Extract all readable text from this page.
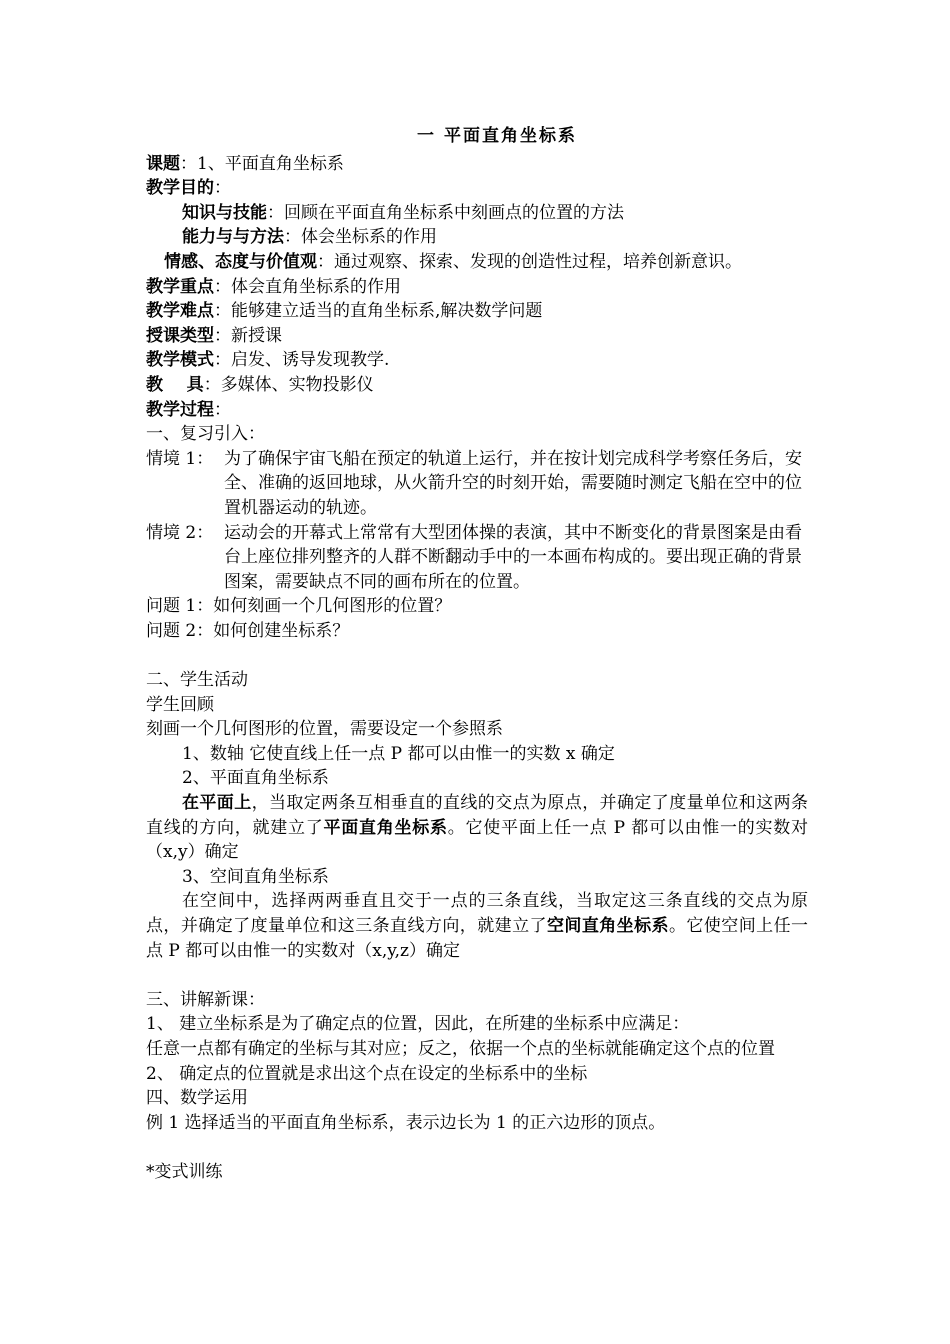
一 平面直角坐标系
课题：1、平面直角坐标系
教学目的：
知识与技能：回顾在平面直角坐标系中刻画点的位置的方法
能力与与方法：体会坐标系的作用
情感、态度与价值观：通过观察、探索、发现的创造性过程，培养创新意识。
教学重点：体会直角坐标系的作用
教学难点：能够建立适当的直角坐标系,解决数学问题
授课类型：新授课
教学模式：启发、诱导发现教学.
教    具：多媒体、实物投影仪
教学过程：
一、复习引入：
情境 1： 为了确保宇宙飞船在预定的轨道上运行，并在按计划完成科学考察任务后，安全、准确的返回地球，从火箭升空的时刻开始，需要随时测定飞船在空中的位置机器运动的轨迹。
情境 2： 运动会的开幕式上常常有大型团体操的表演，其中不断变化的背景图案是由看台上座位排列整齐的人群不断翻动手中的一本画布构成的。要出现正确的背景图案，需要缺点不同的画布所在的位置。
问题 1：如何刻画一个几何图形的位置？
问题 2：如何创建坐标系？
二、学生活动
学生回顾
刻画一个几何图形的位置，需要设定一个参照系
1、数轴 它使直线上任一点 P 都可以由惟一的实数 x 确定
2、平面直角坐标系
在平面上，当取定两条互相垂直的直线的交点为原点，并确定了度量单位和这两条直线的方向，就建立了平面直角坐标系。它使平面上任一点 P 都可以由惟一的实数对（x,y）确定
3、空间直角坐标系
在空间中，选择两两垂直且交于一点的三条直线，当取定这三条直线的交点为原点，并确定了度量单位和这三条直线方向，就建立了空间直角坐标系。它使空间上任一点 P 都可以由惟一的实数对（x,y,z）确定
三、讲解新课：
1、 建立坐标系是为了确定点的位置，因此，在所建的坐标系中应满足：
任意一点都有确定的坐标与其对应；反之，依据一个点的坐标就能确定这个点的位置
2、 确定点的位置就是求出这个点在设定的坐标系中的坐标
四、数学运用
例 1 选择适当的平面直角坐标系，表示边长为 1 的正六边形的顶点。
*变式训练
